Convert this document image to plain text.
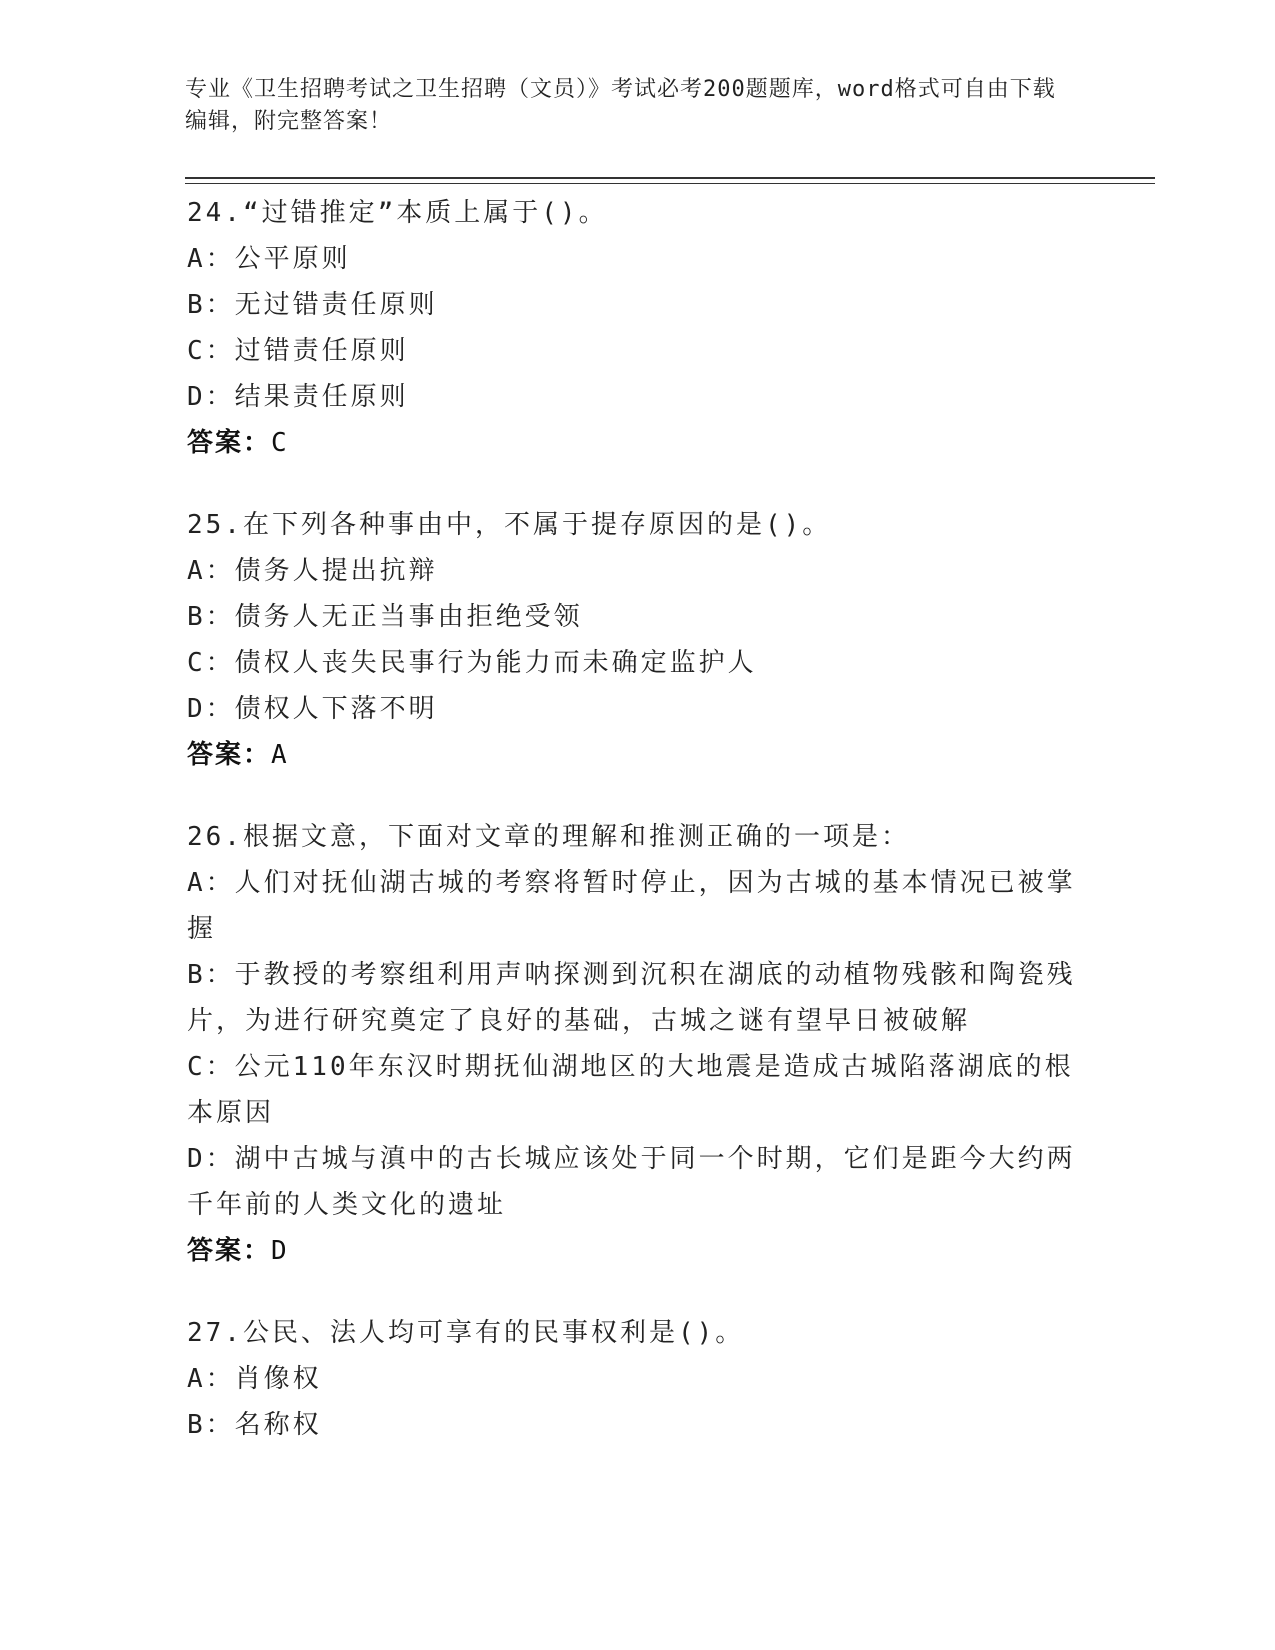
专业《卫生招聘考试之卫生招聘（文员）》考试必考200题题库，word格式可自由下载编辑，附完整答案！

24.“过错推定”本质上属于()。

A：公平原则

B：无过错责任原则

C：过错责任原则

D：结果责任原则

答案：C

25.在下列各种事由中，不属于提存原因的是()。

A：债务人提出抗辩

B：债务人无正当事由拒绝受领

C：债权人丧失民事行为能力而未确定监护人

D：债权人下落不明

答案：A

26.根据文意，下面对文章的理解和推测正确的一项是：

A：人们对抚仙湖古城的考察将暂时停止，因为古城的基本情况已被掌握

B：于教授的考察组利用声呐探测到沉积在湖底的动植物残骸和陶瓷残片，为进行研究奠定了良好的基础，古城之谜有望早日被破解

C：公元110年东汉时期抚仙湖地区的大地震是造成古城陷落湖底的根本原因

D：湖中古城与滇中的古长城应该处于同一个时期，它们是距今大约两千年前的人类文化的遗址

答案：D

27.公民、法人均可享有的民事权利是()。

A：肖像权

B：名称权
